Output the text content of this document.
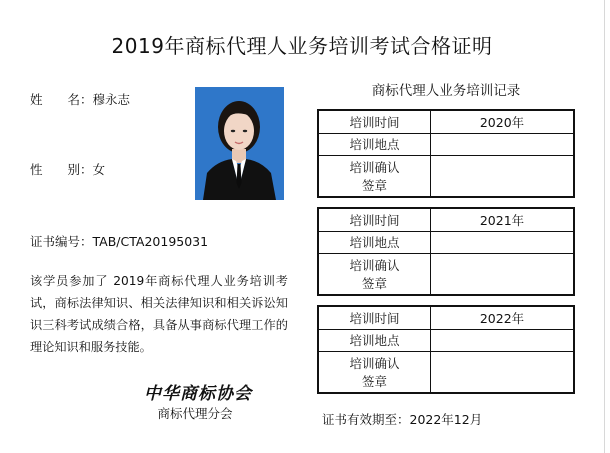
2019年商标代理人业务培训考试合格证明
姓　　名：穆永志
性　　别：女
证书编号：TAB/CTA20195031
该学员参加了 2019年商标代理人业务培训考试，商标法律知识、相关法律知识和相关诉讼知识三科考试成绩合格，具备从事商标代理工作的理论知识和服务技能。
中华商标协会
商标代理分会
商标代理人业务培训记录
培训时间	2020年
培训地点	
培训确认
签章	
培训时间	2021年
培训地点	
培训确认
签章	
培训时间	2022年
培训地点	
培训确认
签章	
证书有效期至：2022年12月
